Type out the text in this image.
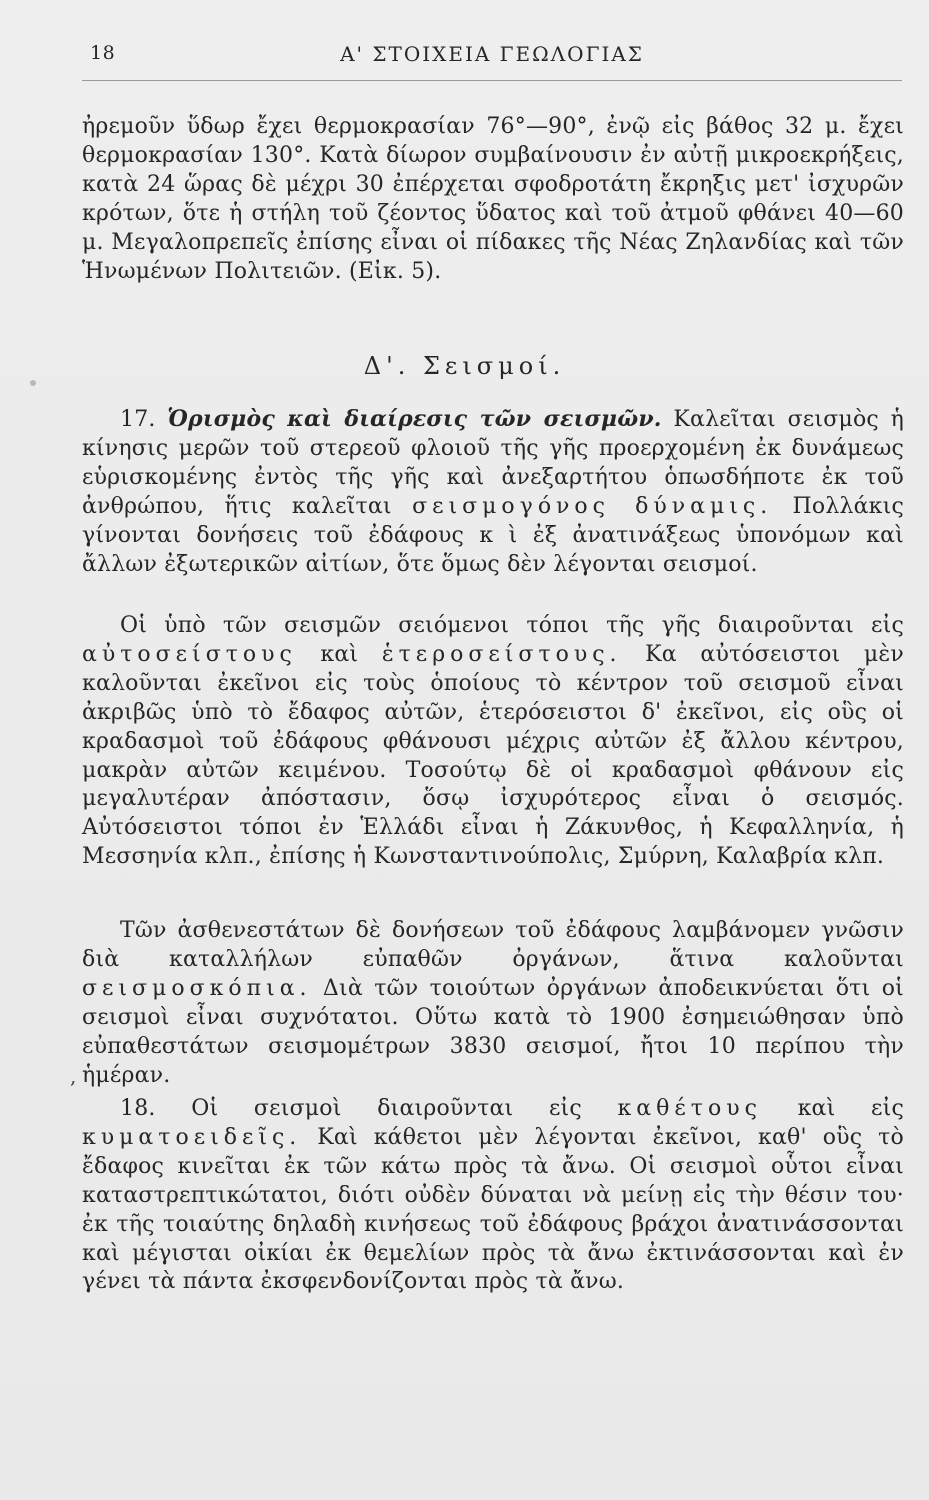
18	Α' ΣΤΟΙΧΕΙΑ ΓΕΩΛΟΓΙΑΣ
,

ἠρεμοῦν ὕδωρ ἔχει θερμοκρασίαν 76°—90°, ἐνῷ εἰς βάθος 32 μ. ἔχει θερμοκρασίαν 130°. Κατὰ δίωρον συμβαίνουσιν ἐν αὐτῇ μικροεκρήξεις, κατὰ 24 ὥρας δὲ μέχρι 30 ἐπέρχεται σφοδροτάτη ἔκρηξις μετ' ἰσχυρῶν κρότων, ὅτε ἡ στήλη τοῦ ζέοντος ὕδατος καὶ τοῦ ἀτμοῦ φθάνει 40—60 μ. Μεγαλοπρεπεῖς ἐπίσης εἶναι οἱ πίδακες τῆς Νέας Ζηλανδίας καὶ τῶν Ἡνωμένων Πολιτειῶν. (Εἰκ. 5).

Δ'. Σεισμοί.

17. Ὁρισμὸς καὶ διαίρεσις τῶν σεισμῶν. Καλεῖται σεισμὸς ἡ κίνησις μερῶν τοῦ στερεοῦ φλοιοῦ τῆς γῆς προερχομένη ἐκ δυνάμεως εὑρισκομένης ἐντὸς τῆς γῆς καὶ ἀνεξαρτήτου ὁπωσδήποτε ἐκ τοῦ ἀνθρώπου, ἥτις καλεῖται σεισμογόνος δύναμις. Πολλάκις γίνονται δονήσεις τοῦ ἐδάφους κ ὶ ἐξ ἀνατινάξεως ὑπονόμων καὶ ἄλλων ἐξωτερικῶν αἰτίων, ὅτε ὅμως δὲν λέγονται σεισμοί.

Οἱ ὑπὸ τῶν σεισμῶν σειόμενοι τόποι τῆς γῆς διαιροῦνται εἰς αὐτοσείστους καὶ ἑτεροσείστους. Κα αὐτόσειστοι μὲν καλοῦνται ἐκεῖνοι εἰς τοὺς ὁποίους τὸ κέντρον τοῦ σεισμοῦ εἶναι ἀκριβῶς ὑπὸ τὸ ἔδαφος αὐτῶν, ἑτερόσειστοι δ' ἐκεῖνοι, εἰς οὓς οἱ κραδασμοὶ τοῦ ἐδάφους φθάνουσι μέχρις αὐτῶν ἐξ ἄλλου κέντρου, μακρὰν αὐτῶν κειμένου. Τοσούτῳ δὲ οἱ κραδασμοὶ φθάνουν εἰς μεγαλυτέραν ἀπόστασιν, ὅσῳ ἰσχυρότερος εἶναι ὁ σεισμός. Αὐτόσειστοι τόποι ἐν Ἑλλάδι εἶναι ἡ Ζάκυνθος, ἡ Κεφαλληνία, ἡ Μεσσηνία κλπ., ἐπίσης ἡ Κωνσταντινούπολις, Σμύρνη, Καλαβρία κλπ.

Τῶν ἀσθενεστάτων δὲ δονήσεων τοῦ ἐδάφους λαμβάνομεν γνῶσιν διὰ καταλλήλων εὐπαθῶν ὀργάνων, ἅτινα καλοῦνται σεισμοσκόπια. Διὰ τῶν τοιούτων ὀργάνων ἀποδεικνύεται ὅτι οἱ σεισμοὶ εἶναι συχνότατοι. Οὕτω κατὰ τὸ 1900 ἐσημειώθησαν ὑπὸ εὐπαθεστάτων σεισμομέτρων 3830 σεισμοί, ἤτοι 10 περίπου τὴν ἡμέραν.

18. Οἱ σεισμοὶ διαιροῦνται εἰς καθέτους καὶ εἰς κυματοειδεῖς. Καὶ κάθετοι μὲν λέγονται ἐκεῖνοι, καθ' οὓς τὸ ἔδαφος κινεῖται ἐκ τῶν κάτω πρὸς τὰ ἄνω. Οἱ σεισμοὶ οὗτοι εἶναι καταστρεπτικώτατοι, διότι οὐδὲν δύναται νὰ μείνῃ εἰς τὴν θέσιν του· ἐκ τῆς τοιαύτης δηλαδὴ κινήσεως τοῦ ἐδάφους βράχοι ἀνατινάσσονται καὶ μέγισται οἰκίαι ἐκ θεμελίων πρὸς τὰ ἄνω ἐκτινάσσονται καὶ ἐν γένει τὰ πάντα ἐκσφενδονίζονται πρὸς τὰ ἄνω.
